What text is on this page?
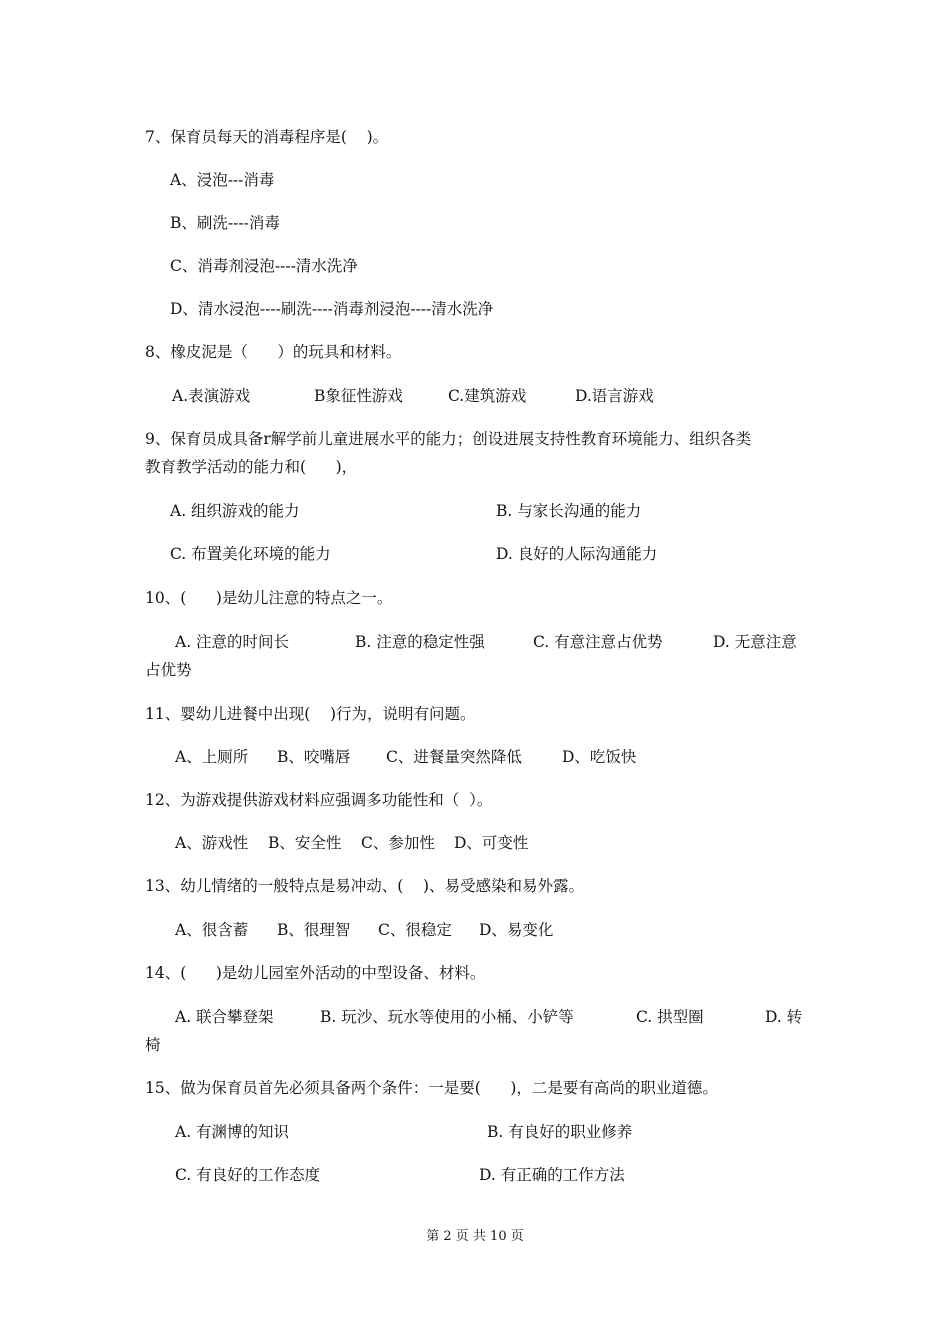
7、保育员每天的消毒程序是(    )。
A、浸泡---消毒
B、刷洗----消毒
C、消毒剂浸泡----清水洗净
D、清水浸泡----刷洗----消毒剂浸泡----清水洗净
8、橡皮泥是（      ）的玩具和材料。
A.表演游戏	B象征性游戏	C.建筑游戏	D.语言游戏
9、保育员成具备r解学前儿童进展水平的能力；创设进展支持性教育环境能力、组织各类
教育教学活动的能力和(      )，
A. 组织游戏的能力	B. 与家长沟通的能力
C. 布置美化环境的能力	D. 良好的人际沟通能力
10、(      )是幼儿注意的特点之一。
A. 注意的时间长	B. 注意的稳定性强	C. 有意注意占优势	D. 无意注意
占优势
11、婴幼儿进餐中出现(    )行为，说明有问题。
A、上厕所 B、咬嘴唇 C、进餐量突然降低	D、吃饭快
12、为游戏提供游戏材料应强调多功能性和（  ）。
A、游戏性 B、安全性 C、参加性 D、可变性
13、幼儿情绪的一般特点是易冲动、(    )、易受感染和易外露。
A、很含蓄 B、很理智 C、很稳定 D、易变化
14、(      )是幼儿园室外活动的中型设备、材料。
A. 联合攀登架	B. 玩沙、玩水等使用的小桶、小铲等	C. 拱型圈	D. 转
椅
15、做为保育员首先必须具备两个条件：一是要(      )，二是要有高尚的职业道德。
A. 有渊博的知识	B. 有良好的职业修养
C. 有良好的工作态度	D. 有正确的工作方法
第 2 页 共 10 页
